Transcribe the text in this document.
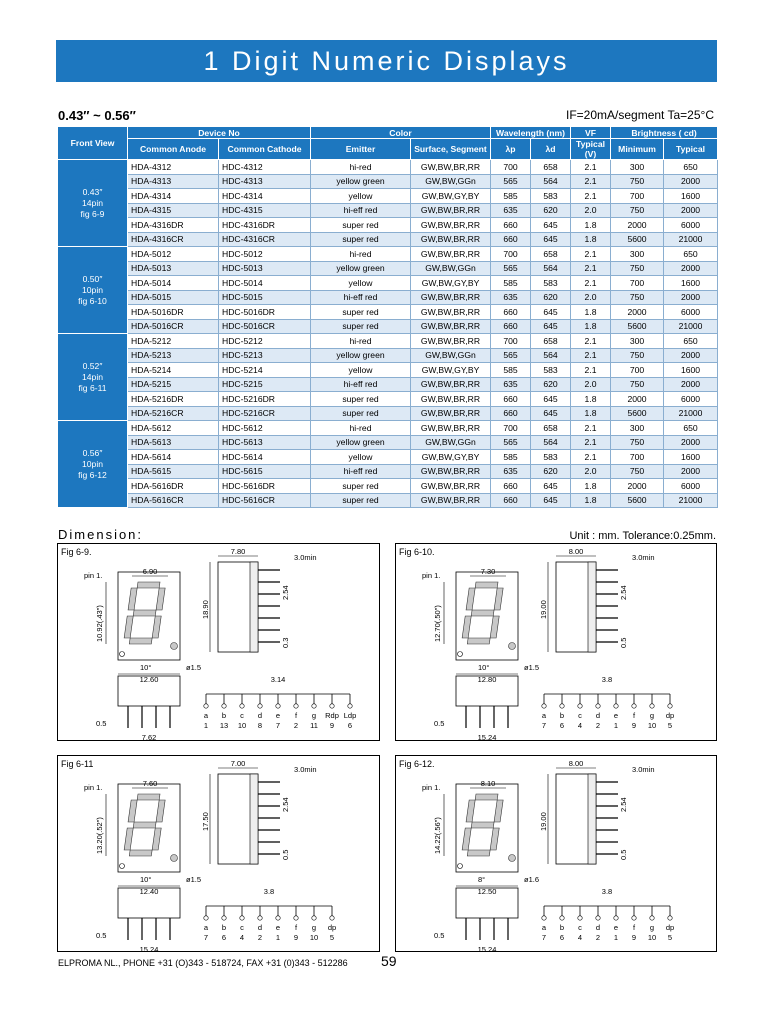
1 Digit Numeric Displays
0.43″ ~ 0.56″	IF=20mA/segment Ta=25°C
Front View	Device No		Color		Wavelength (nm)		VF	Brightness ( cd)	
	Common Anode	Common Cathode	Emitter	Surface, Segment	λp	λd	Typical (V)	Minimum	Typical

0.43″
14pin
fig 6-9	HDA-4312	HDC-4312	hi-red	GW,BW,BR,RR	700	658	2.1	300	650
	HDA-4313	HDC-4313	yellow green	GW,BW,GGn	565	564	2.1	750	2000
	HDA-4314	HDC-4314	yellow	GW,BW,GY,BY	585	583	2.1	700	1600
	HDA-4315	HDC-4315	hi-eff red	GW,BW,BR,RR	635	620	2.0	750	2000
	HDA-4316DR	HDC-4316DR	super red	GW,BW,BR,RR	660	645	1.8	2000	6000
	HDA-4316CR	HDC-4316CR	super red	GW,BW,BR,RR	660	645	1.8	5600	21000

0.50″
10pin
fig 6-10	HDA-5012	HDC-5012	hi-red	GW,BW,BR,RR	700	658	2.1	300	650
	HDA-5013	HDC-5013	yellow green	GW,BW,GGn	565	564	2.1	750	2000
	HDA-5014	HDC-5014	yellow	GW,BW,GY,BY	585	583	2.1	700	1600
	HDA-5015	HDC-5015	hi-eff red	GW,BW,BR,RR	635	620	2.0	750	2000
	HDA-5016DR	HDC-5016DR	super red	GW,BW,BR,RR	660	645	1.8	2000	6000
	HDA-5016CR	HDC-5016CR	super red	GW,BW,BR,RR	660	645	1.8	5600	21000

0.52″
14pin
fig 6-11	HDA-5212	HDC-5212	hi-red	GW,BW,BR,RR	700	658	2.1	300	650
	HDA-5213	HDC-5213	yellow green	GW,BW,GGn	565	564	2.1	750	2000
	HDA-5214	HDC-5214	yellow	GW,BW,GY,BY	585	583	2.1	700	1600
	HDA-5215	HDC-5215	hi-eff red	GW,BW,BR,RR	635	620	2.0	750	2000
	HDA-5216DR	HDC-5216DR	super red	GW,BW,BR,RR	660	645	1.8	2000	6000
	HDA-5216CR	HDC-5216CR	super red	GW,BW,BR,RR	660	645	1.8	5600	21000

0.56″
10pin
fig 6-12	HDA-5612	HDC-5612	hi-red	GW,BW,BR,RR	700	658	2.1	300	650
	HDA-5613	HDC-5613	yellow green	GW,BW,GGn	565	564	2.1	750	2000
	HDA-5614	HDC-5614	yellow	GW,BW,GY,BY	585	583	2.1	700	1600
	HDA-5615	HDC-5615	hi-eff red	GW,BW,BR,RR	635	620	2.0	750	2000
	HDA-5616DR	HDC-5616DR	super red	GW,BW,BR,RR	660	645	1.8	2000	6000
	HDA-5616CR	HDC-5616CR	super red	GW,BW,BR,RR	660	645	1.8	5600	21000
Dimension:	Unit : mm. Tolerance:0.25mm.
Fig 6-9.
6.90
10.92(.43″)
pin 1.
10°	ø1.5
12.60
7.80
18.90
3.0min
2.54
0.3
0.5
7.62
3.14
a
1
b
13
c
10
d
8
e
7
f
2
g
11
Rdp
9
Ldp
6
Fig 6-10.
7.30
12.70(.50″)
pin 1.
10°	ø1.5
12.80
8.00
19.00
3.0min
2.54
0.5
0.5
15.24
3.8
a
7
b
6
c
4
d
2
e
1
f
9
g
10
dp
5
Fig 6-11
7.60
13.20(.52″)
pin 1.
10°	ø1.5
12.40
7.00
17.50
3.0min
2.54
0.5
0.5
15.24
3.8
a
7
b
6
c
4
d
2
e
1
f
9
g
10
dp
5
Fig 6-12.
8.10
14.22(.56″)
pin 1.
8°	ø1.6
12.50
8.00
19.00
3.0min
2.54
0.5
0.5
15.24
3.8
a
7
b
6
c
4
d
2
e
1
f
9
g
10
dp
5
ELPROMA NL., PHONE +31 (O)343 - 518724, FAX +31 (0)343 - 512286 59
